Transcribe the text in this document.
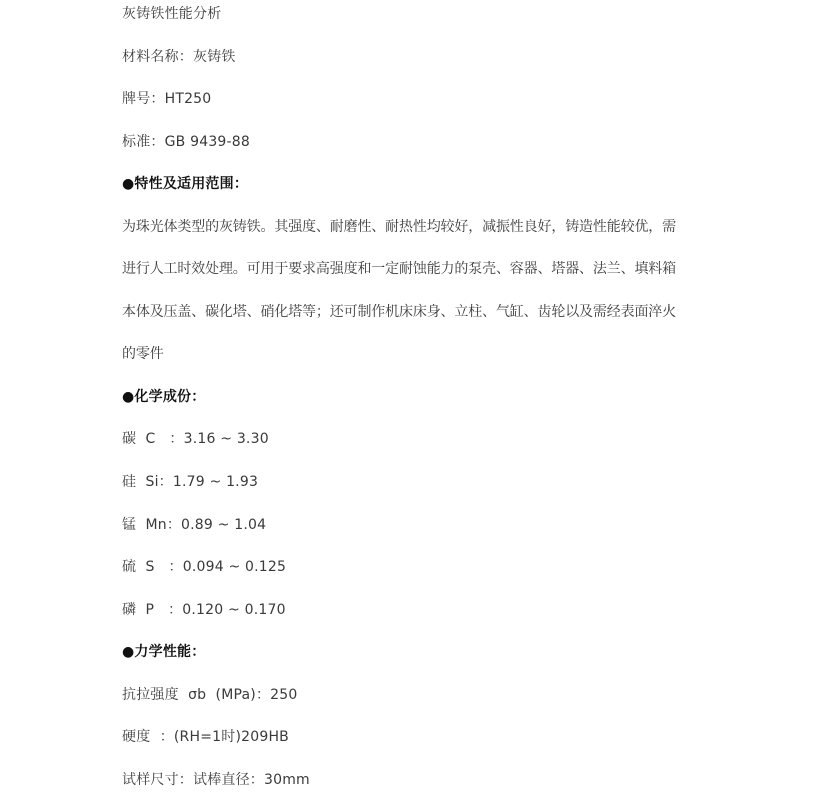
灰铸铁性能分析
材料名称：灰铸铁
牌号：HT250
标准：GB 9439-88
●特性及适用范围：
为珠光体类型的灰铸铁。其强度、耐磨性、耐热性均较好，减振性良好，铸造性能较优，需
进行人工时效处理。可用于要求高强度和一定耐蚀能力的泵壳、容器、塔器、法兰、填料箱
本体及压盖、碳化塔、硝化塔等；还可制作机床床身、立柱、气缸、齿轮以及需经表面淬火
的零件
●化学成份：
碳  C   ：3.16 ~ 3.30
硅  Si：1.79 ~ 1.93
锰  Mn：0.89 ~ 1.04
硫  S   ：0.094 ~ 0.125
磷  P   ：0.120 ~ 0.170
●力学性能：
抗拉强度  σb  (MPa)：250
硬度  ：(RH=1时)209HB
试样尺寸：试棒直径：30mm
